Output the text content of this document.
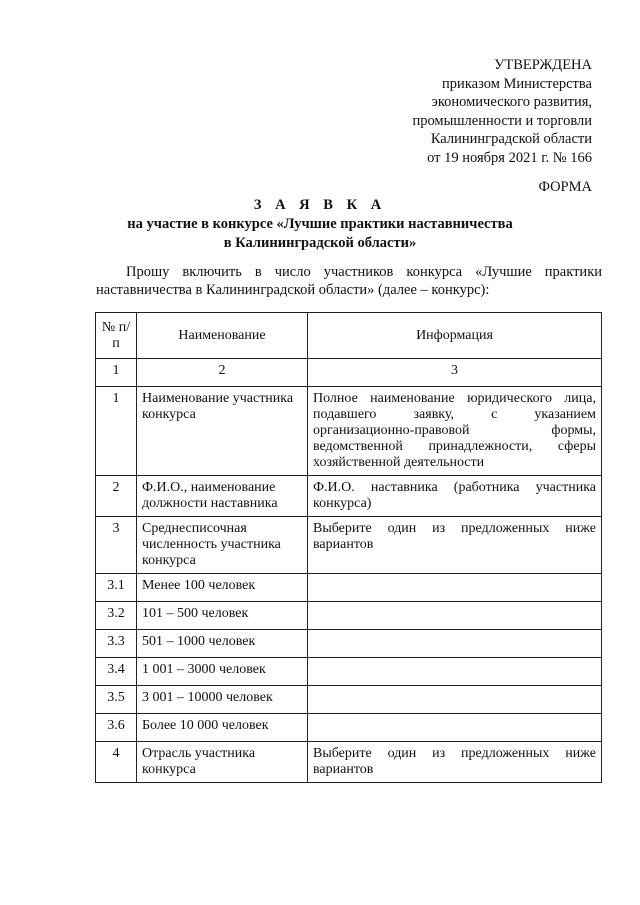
УТВЕРЖДЕНА
приказом Министерства
экономического развития,
промышленности и торговли
Калининградской области
от 19 ноября 2021 г. № 166
ФОРМА
З А Я В К А
на участие в конкурсе «Лучшие практики наставничества
в Калининградской области»

Прошу включить в число участников конкурса «Лучшие практики наставничества в Калининградской области» (далее – конкурс):

№ п/п	Наименование	Информация
1	2	3
1	Наименование участника конкурса	Полное наименование юридического лица, подавшего заявку, с указанием организационно-правовой формы, ведомственной принадлежности, сферы хозяйственной деятельности
2	Ф.И.О., наименование должности наставника	Ф.И.О. наставника (работника участника конкурса)
3	Среднесписочная численность участника конкурса	Выберите один из предложенных ниже вариантов
3.1	Менее 100 человек	
3.2	101 – 500 человек	
3.3	501 – 1000 человек	
3.4	1 001 – 3000 человек	
3.5	3 001 – 10000 человек	
3.6	Более 10 000 человек	
4	Отрасль участника конкурса	Выберите один из предложенных ниже вариантов
